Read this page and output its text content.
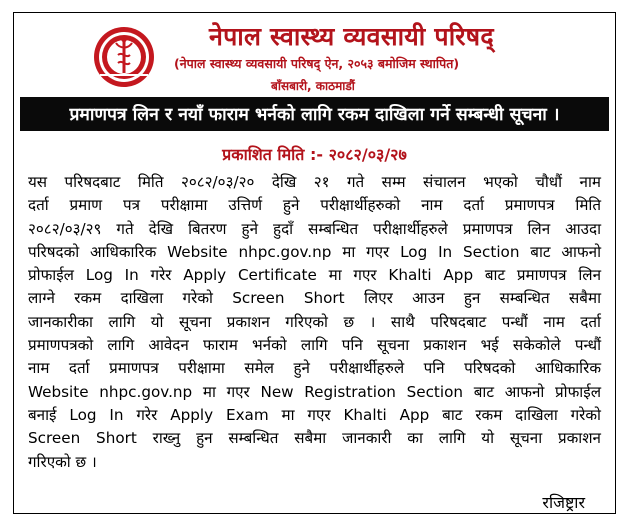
नेपाल स्वास्थ्य व्यवसायी परिषद्
(नेपाल स्वास्थ्य व्यवसायी परिषद् ऐन, २०५३ बमोजिम स्थापित)
बाँसबारी, काठमाडौं
प्रमाणपत्र लिन र नयाँ फाराम भर्नको लागि रकम दाखिला गर्ने सम्बन्धी सूचना ।
प्रकाशित मिति :- २०८२/०३/२७
यस परिषदबाट मिति २०८२/०३/२० देखि २१ गते सम्म संचालन भएको चौधौं नाम
दर्ता प्रमाण पत्र परीक्षामा उत्तिर्ण हुने परीक्षार्थीहरुको नाम दर्ता प्रमाणपत्र मिति
२०८२/०३/२९ गते देखि बितरण हुने हुदाँ सम्बन्धित परीक्षार्थीहरुले प्रमाणपत्र लिन आउदा
परिषदको आधिकारिक Website nhpc.gov.np मा गएर Log In Section बाट आफनो
प्रोफाईल Log In गरेर Apply Certificate मा गएर Khalti App बाट प्रमाणपत्र लिन
लाग्ने रकम दाखिला गरेको Screen Short लिएर आउन हुन सम्बन्धित सबैमा
जानकारीका लागि यो सूचना प्रकाशन गरिएको छ । साथै परिषदबाट पन्धौं नाम दर्ता
प्रमाणपत्रको लागि आवेदन फाराम भर्नको लागि पनि सूचना प्रकाशन भई सकेकोले पन्धौं
नाम दर्ता प्रमाणपत्र परीक्षामा समेल हुने परीक्षार्थीहरुले पनि परिषदको आधिकारिक
Website nhpc.gov.np मा गएर New Registration Section बाट आफनो प्रोफाईल
बनाई Log In गरेर Apply Exam मा गएर Khalti App बाट रकम दाखिला गरेको
Screen Short राख्नु हुन सम्बन्धित सबैमा जानकारी का लागि यो सूचना प्रकाशन
गरिएको छ ।
रजिष्ट्रार
